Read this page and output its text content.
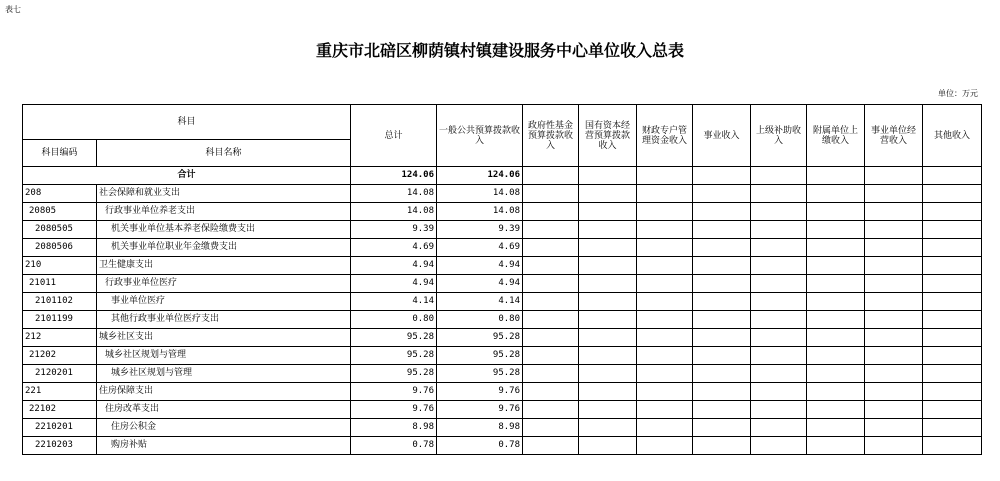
表七
重庆市北碚区柳荫镇村镇建设服务中心单位收入总表
单位：万元
科目		总计	一般公共预算拨款收入	政府性基金预算拨款收入	国有资本经营预算拨款收入	财政专户管理资金收入	事业收入	上级补助收入	附属单位上缴收入	事业单位经营收入	其他收入
科目编码	科目名称										
合计		124.06	124.06								
208	社会保障和就业支出	14.08	14.08								
20805	行政事业单位养老支出	14.08	14.08								
2080505	机关事业单位基本养老保险缴费支出	9.39	9.39								
2080506	机关事业单位职业年金缴费支出	4.69	4.69								
210	卫生健康支出	4.94	4.94								
21011	行政事业单位医疗	4.94	4.94								
2101102	事业单位医疗	4.14	4.14								
2101199	其他行政事业单位医疗支出	0.80	0.80								
212	城乡社区支出	95.28	95.28								
21202	城乡社区规划与管理	95.28	95.28								
2120201	城乡社区规划与管理	95.28	95.28								
221	住房保障支出	9.76	9.76								
22102	住房改革支出	9.76	9.76								
2210201	住房公积金	8.98	8.98								
2210203	购房补贴	0.78	0.78								
